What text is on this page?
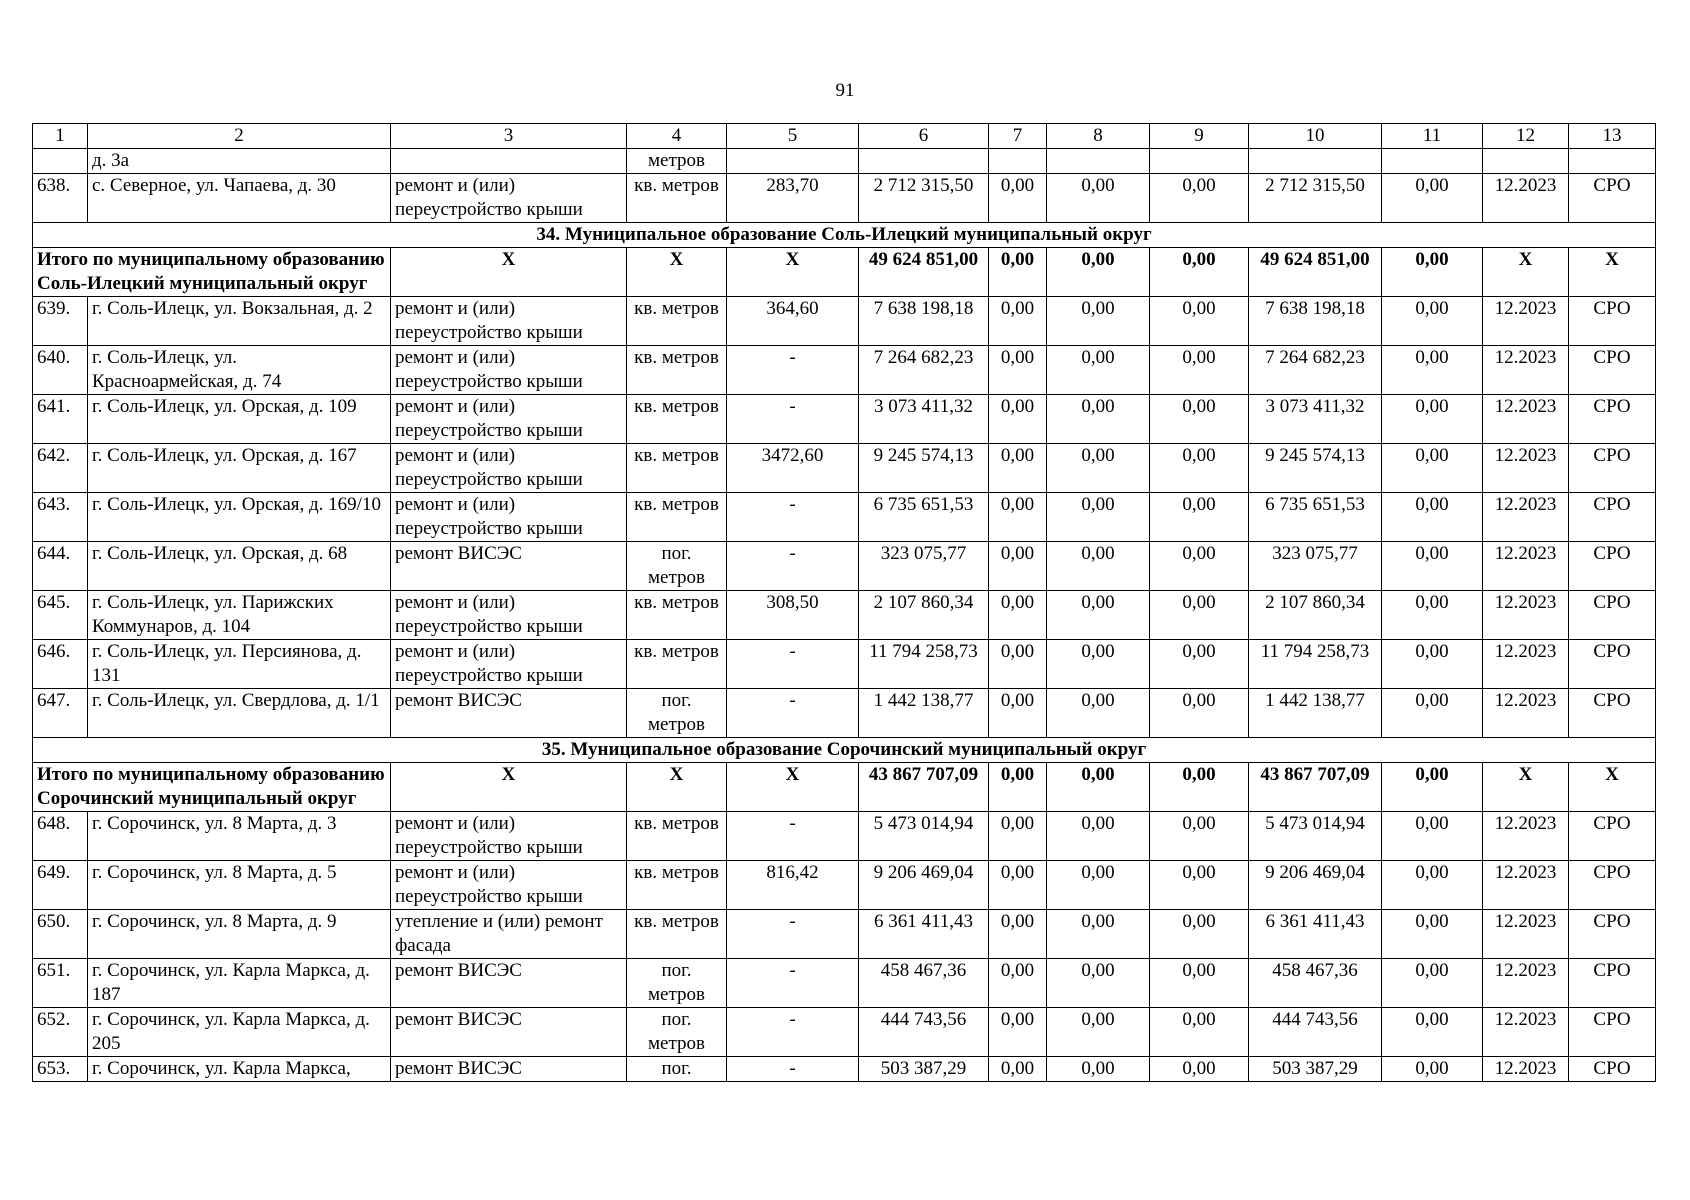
91
1	2	3	4	5	6	7	8	9	10	11	12	13
	д. 3а		метров									
638.	с. Северное, ул. Чапаева, д. 30	ремонт и (или) переустройство крыши	кв. метров	283,70	2 712 315,50	0,00	0,00	0,00	2 712 315,50	0,00	12.2023	СРО
34. Муниципальное образование Соль-Илецкий муниципальный округ												
Итого по муниципальному образованию Соль-Илецкий муниципальный округ		X	X	X	49 624 851,00	0,00	0,00	0,00	49 624 851,00	0,00	X	X
639.	г. Соль-Илецк, ул. Вокзальная, д. 2	ремонт и (или) переустройство крыши	кв. метров	364,60	7 638 198,18	0,00	0,00	0,00	7 638 198,18	0,00	12.2023	СРО
640.	г. Соль-Илецк, ул. Красноармейская, д. 74	ремонт и (или) переустройство крыши	кв. метров	-	7 264 682,23	0,00	0,00	0,00	7 264 682,23	0,00	12.2023	СРО
641.	г. Соль-Илецк, ул. Орская, д. 109	ремонт и (или) переустройство крыши	кв. метров	-	3 073 411,32	0,00	0,00	0,00	3 073 411,32	0,00	12.2023	СРО
642.	г. Соль-Илецк, ул. Орская, д. 167	ремонт и (или) переустройство крыши	кв. метров	3472,60	9 245 574,13	0,00	0,00	0,00	9 245 574,13	0,00	12.2023	СРО
643.	г. Соль-Илецк, ул. Орская, д. 169/10	ремонт и (или) переустройство крыши	кв. метров	-	6 735 651,53	0,00	0,00	0,00	6 735 651,53	0,00	12.2023	СРО
644.	г. Соль-Илецк, ул. Орская, д. 68	ремонт ВИСЭС	пог. метров	-	323 075,77	0,00	0,00	0,00	323 075,77	0,00	12.2023	СРО
645.	г. Соль-Илецк, ул. Парижских Коммунаров, д. 104	ремонт и (или) переустройство крыши	кв. метров	308,50	2 107 860,34	0,00	0,00	0,00	2 107 860,34	0,00	12.2023	СРО
646.	г. Соль-Илецк, ул. Персиянова, д. 131	ремонт и (или) переустройство крыши	кв. метров	-	11 794 258,73	0,00	0,00	0,00	11 794 258,73	0,00	12.2023	СРО
647.	г. Соль-Илецк, ул. Свердлова, д. 1/1	ремонт ВИСЭС	пог. метров	-	1 442 138,77	0,00	0,00	0,00	1 442 138,77	0,00	12.2023	СРО
35. Муниципальное образование Сорочинский муниципальный округ												
Итого по муниципальному образованию Сорочинский муниципальный округ		X	X	X	43 867 707,09	0,00	0,00	0,00	43 867 707,09	0,00	X	X
648.	г. Сорочинск, ул. 8 Марта, д. 3	ремонт и (или) переустройство крыши	кв. метров	-	5 473 014,94	0,00	0,00	0,00	5 473 014,94	0,00	12.2023	СРО
649.	г. Сорочинск, ул. 8 Марта, д. 5	ремонт и (или) переустройство крыши	кв. метров	816,42	9 206 469,04	0,00	0,00	0,00	9 206 469,04	0,00	12.2023	СРО
650.	г. Сорочинск, ул. 8 Марта, д. 9	утепление и (или) ремонт фасада	кв. метров	-	6 361 411,43	0,00	0,00	0,00	6 361 411,43	0,00	12.2023	СРО
651.	г. Сорочинск, ул. Карла Маркса, д. 187	ремонт ВИСЭС	пог. метров	-	458 467,36	0,00	0,00	0,00	458 467,36	0,00	12.2023	СРО
652.	г. Сорочинск, ул. Карла Маркса, д. 205	ремонт ВИСЭС	пог. метров	-	444 743,56	0,00	0,00	0,00	444 743,56	0,00	12.2023	СРО
653.	г. Сорочинск, ул. Карла Маркса,	ремонт ВИСЭС	пог.	-	503 387,29	0,00	0,00	0,00	503 387,29	0,00	12.2023	СРО
